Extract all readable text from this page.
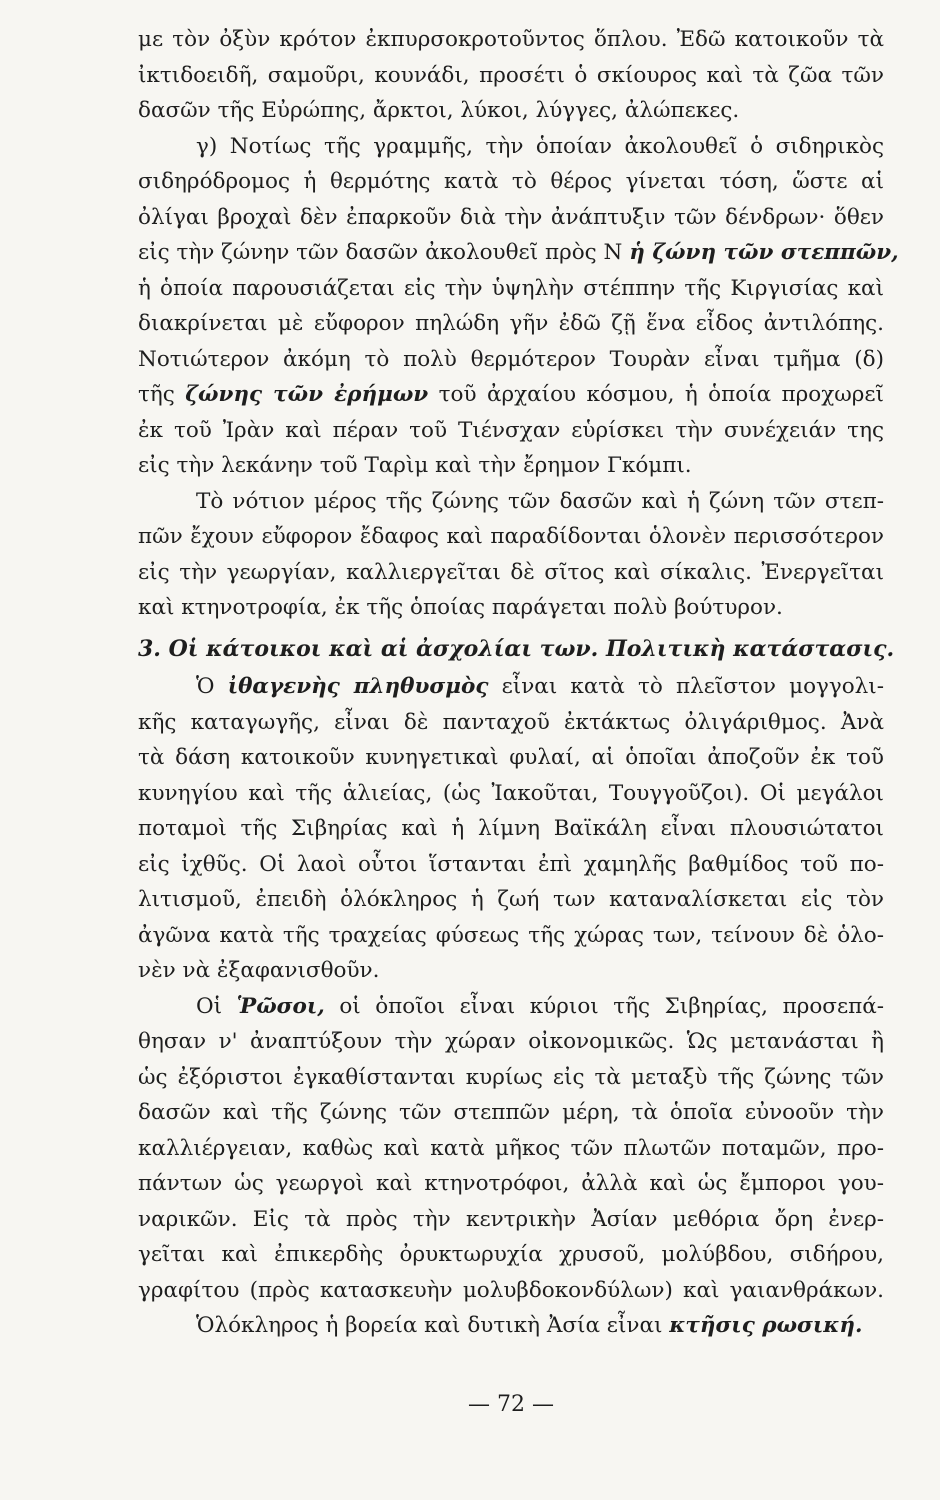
με τὸν ὀξὺν κρότον ἐκπυρσοκροτοῦντος ὅπλου. Ἐδῶ κατοικοῦν τὰ
ἰκτιδοειδῆ, σαμοῦρι, κουνάδι, προσέτι ὁ σκίουρος καὶ τὰ ζῶα τῶν
δασῶν τῆς Εὐρώπης, ἄρκτοι, λύκοι, λύγγες, ἀλώπεκες.
γ) Νοτίως τῆς γραμμῆς, τὴν ὁποίαν ἀκολουθεῖ ὁ σιδηρικὸς
σιδηρόδρομος ἡ θερμότης κατὰ τὸ θέρος γίνεται τόση, ὥστε αἱ
ὀλίγαι βροχαὶ δὲν ἐπαρκοῦν διὰ τὴν ἀνάπτυξιν τῶν δένδρων· ὅθεν
εἰς τὴν ζώνην τῶν δασῶν ἀκολουθεῖ πρὸς Ν ἡ ζώνη τῶν στεππῶν,
ἡ ὁποία παρουσιάζεται εἰς τὴν ὑψηλὴν στέππην τῆς Κιργισίας καὶ
διακρίνεται μὲ εὔφορον πηλώδη γῆν ἐδῶ ζῇ ἕνα εἶδος ἀντιλόπης.
Νοτιώτερον ἀκόμη τὸ πολὺ θερμότερον Τουρὰν εἶναι τμῆμα (δ)
τῆς ζώνης τῶν ἐρήμων τοῦ ἀρχαίου κόσμου, ἡ ὁποία προχωρεῖ
ἐκ τοῦ Ἰρὰν καὶ πέραν τοῦ Τιένσχαν εὑρίσκει τὴν συνέχειάν της
εἰς τὴν λεκάνην τοῦ Ταρὶμ καὶ τὴν ἔρημον Γκόμπι.
Τὸ νότιον μέρος τῆς ζώνης τῶν δασῶν καὶ ἡ ζώνη τῶν στεπ-
πῶν ἔχουν εὔφορον ἔδαφος καὶ παραδίδονται ὁλονὲν περισσότερον
εἰς τὴν γεωργίαν, καλλιεργεῖται δὲ σῖτος καὶ σίκαλις. Ἐνεργεῖται
καὶ κτηνοτροφία, ἐκ τῆς ὁποίας παράγεται πολὺ βούτυρον.
3. Οἱ κάτοικοι καὶ αἱ ἀσχολίαι των. Πολιτικὴ κατάστασις.
Ὁ ἰθαγενὴς πληθυσμὸς εἶναι κατὰ τὸ πλεῖστον μογγολι-
κῆς καταγωγῆς, εἶναι δὲ πανταχοῦ ἐκτάκτως ὀλιγάριθμος. Ἀνὰ
τὰ δάση κατοικοῦν κυνηγετικαὶ φυλαί, αἱ ὁποῖαι ἀποζοῦν ἐκ τοῦ
κυνηγίου καὶ τῆς ἁλιείας, (ὡς Ἰακοῦται, Τουγγοῦζοι). Οἱ μεγάλοι
ποταμοὶ τῆς Σιβηρίας καὶ ἡ λίμνη Βαϊκάλη εἶναι πλουσιώτατοι
εἰς ἰχθῦς. Οἱ λαοὶ οὗτοι ἵστανται ἐπὶ χαμηλῆς βαθμίδος τοῦ πο-
λιτισμοῦ, ἐπειδὴ ὁλόκληρος ἡ ζωή των καταναλίσκεται εἰς τὸν
ἀγῶνα κατὰ τῆς τραχείας φύσεως τῆς χώρας των, τείνουν δὲ ὁλο-
νὲν νὰ ἐξαφανισθοῦν.
Οἱ Ῥῶσοι, οἱ ὁποῖοι εἶναι κύριοι τῆς Σιβηρίας, προσεπά-
θησαν ν' ἀναπτύξουν τὴν χώραν οἰκονομικῶς. Ὡς μετανάσται ἢ
ὡς ἐξόριστοι ἐγκαθίστανται κυρίως εἰς τὰ μεταξὺ τῆς ζώνης τῶν
δασῶν καὶ τῆς ζώνης τῶν στεππῶν μέρη, τὰ ὁποῖα εὐνοοῦν τὴν
καλλιέργειαν, καθὼς καὶ κατὰ μῆκος τῶν πλωτῶν ποταμῶν, προ-
πάντων ὡς γεωργοὶ καὶ κτηνοτρόφοι, ἀλλὰ καὶ ὡς ἔμποροι γου-
ναρικῶν. Εἰς τὰ πρὸς τὴν κεντρικὴν Ἀσίαν μεθόρια ὄρη ἐνερ-
γεῖται καὶ ἐπικερδὴς ὀρυκτωρυχία χρυσοῦ, μολύβδου, σιδήρου,
γραφίτου (πρὸς κατασκευὴν μολυβδοκονδύλων) καὶ γαιανθράκων.
Ὁλόκληρος ἡ βορεία καὶ δυτικὴ Ἀσία εἶναι κτῆσις ρωσική.
— 72 —
